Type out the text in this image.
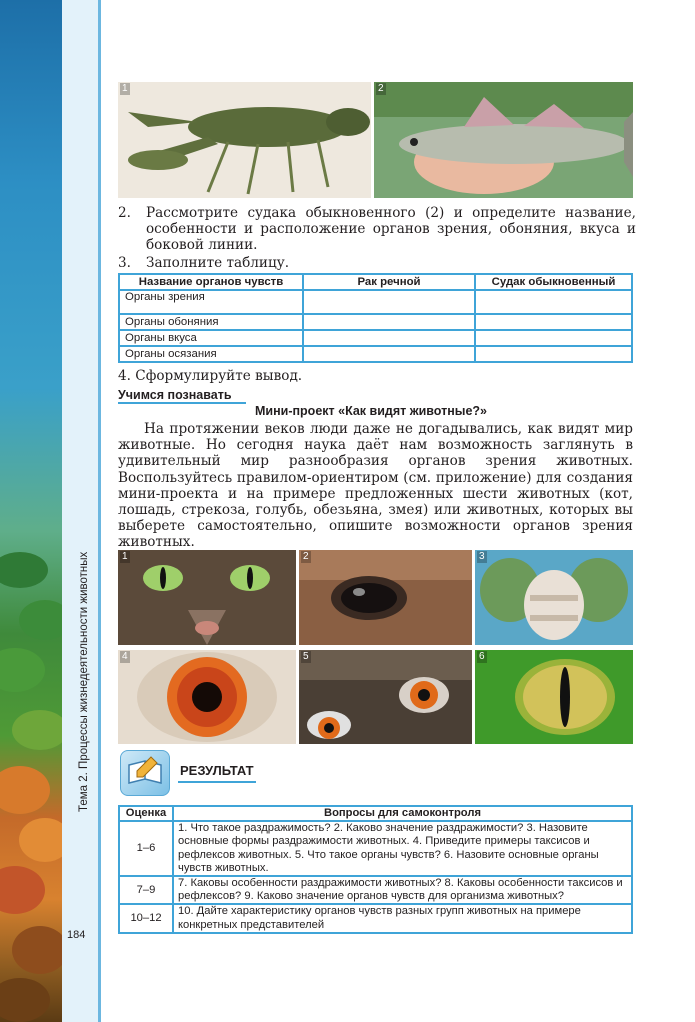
Тема 2. Процессы жизнедеятельности животных
184
1	2
2. Рассмотрите судака обыкновенного (2) и определите название, особенности и расположение органов зрения, обоняния, вкуса и боковой линии.
3. Заполните таблицу.
Название органов чувств	Рак речной	Судак обыкновенный
Органы зрения		
Органы обоняния		
Органы вкуса		
Органы осязания		
4. Сформулируйте вывод.
Учимся познавать
Мини-проект «Как видят животные?»
На протяжении веков люди даже не догадывались, как видят мир животные. Но сегодня наука даёт нам возможность заглянуть в удивительный мир разнообразия органов зрения животных. Воспользуйтесь правилом-ориентиром (см. приложение) для создания мини-проекта и на примере предложенных шести животных (кот, лошадь, стрекоза, голубь, обезьяна, змея) или животных, которых вы выберете самостоятельно, опишите возможности органов зрения животных.
1	2	3
4	5	6
РЕЗУЛЬТАТ
Оценка	Вопросы для самоконтроля
1–6	1. Что такое раздражимость? 2. Каково значение раздражимости? 3. Назовите основные формы раздражимости животных. 4. Приведите примеры таксисов и рефлексов животных. 5. Что такое органы чувств? 6. Назовите основные органы чувств животных.
7–9	7. Каковы особенности раздражимости животных? 8. Каковы особенности таксисов и рефлексов? 9. Каково значение органов чувств для организма животных?
10–12	10. Дайте характеристику органов чувств разных групп животных на примере конкретных представителей
